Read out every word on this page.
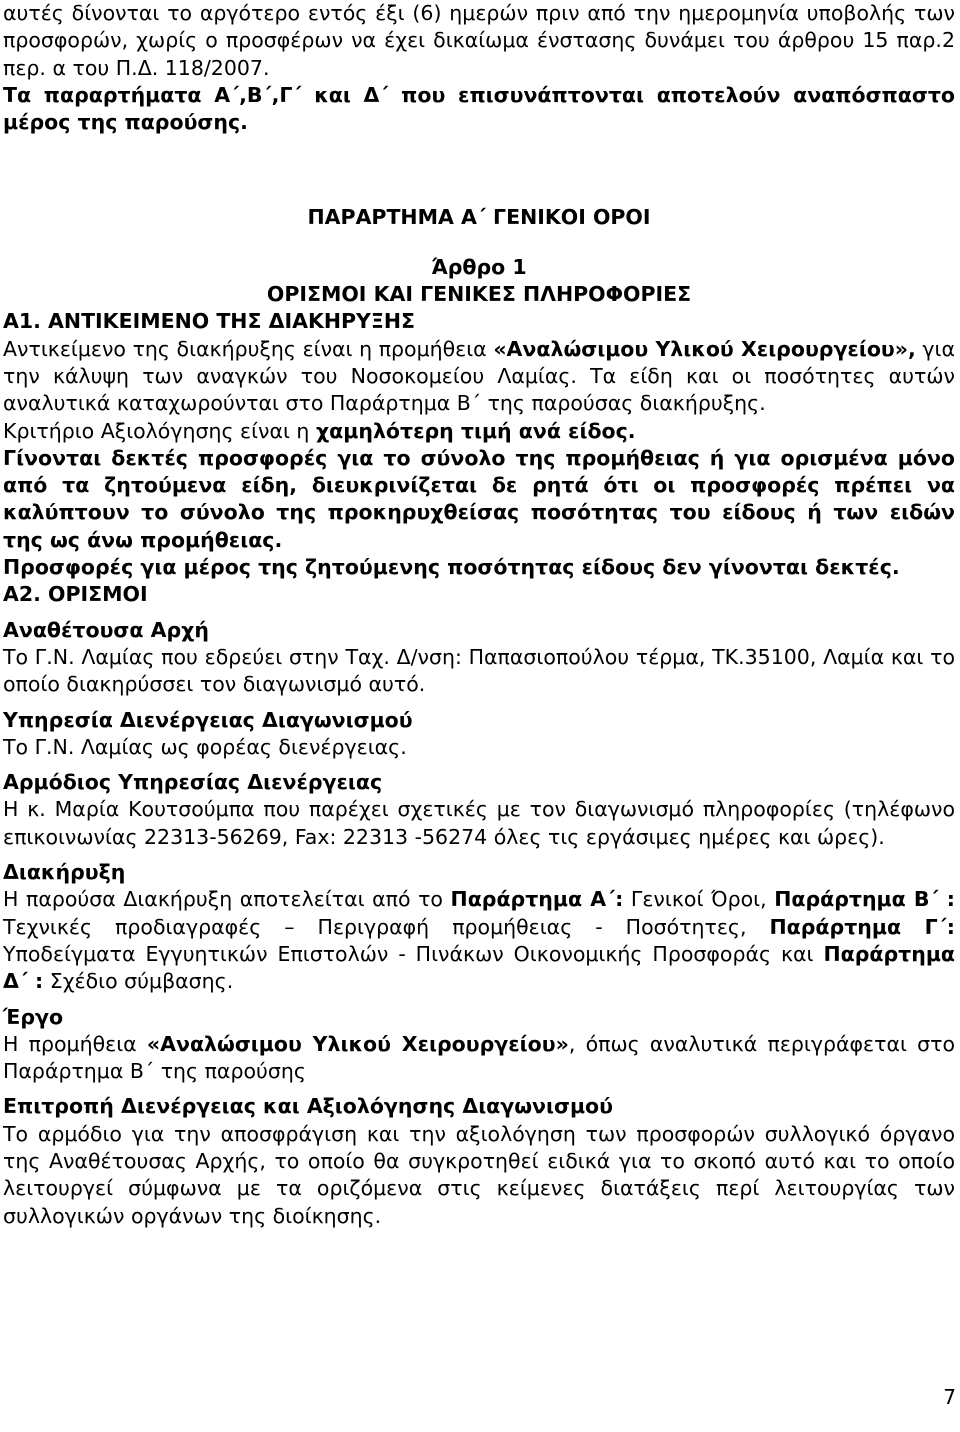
αυτές δίνονται το αργότερο εντός έξι (6) ημερών πριν από την ημερομηνία υποβολής των προσφορών, χωρίς ο προσφέρων να έχει δικαίωμα ένστασης δυνάμει του άρθρου 15 παρ.2 περ. α του Π.Δ. 118/2007.

Τα παραρτήματα Α΄,Β΄,Γ΄ και Δ΄ που επισυνάπτονται αποτελούν αναπόσπαστο μέρος της παρούσης.

ΠΑΡΑΡΤΗΜΑ Α΄ ΓΕΝΙΚΟΙ ΟΡΟΙ

Άρθρο 1

ΟΡΙΣΜΟΙ ΚΑΙ ΓΕΝΙΚΕΣ ΠΛΗΡΟΦΟΡΙΕΣ

Α1. ΑΝΤΙΚΕΙΜΕΝΟ ΤΗΣ ΔΙΑΚΗΡΥΞΗΣ

Αντικείμενο της διακήρυξης είναι η προμήθεια «Αναλώσιμου Υλικού Χειρουργείου», για την κάλυψη των αναγκών του Νοσοκομείου Λαμίας. Τα είδη και οι ποσότητες αυτών αναλυτικά καταχωρούνται στο Παράρτημα Β΄ της παρούσας διακήρυξης.

Κριτήριο Αξιολόγησης είναι η χαμηλότερη τιμή ανά είδος.

Γίνονται δεκτές προσφορές για το σύνολο της προμήθειας ή για ορισμένα μόνο από τα ζητούμενα είδη, διευκρινίζεται δε ρητά ότι οι προσφορές πρέπει να καλύπτουν το σύνολο της προκηρυχθείσας ποσότητας του είδους ή των ειδών της ως άνω προμήθειας.

Προσφορές για μέρος της ζητούμενης ποσότητας είδους δεν γίνονται δεκτές.

Α2. ΟΡΙΣΜΟΙ

Αναθέτουσα Αρχή

Το Γ.Ν. Λαμίας που εδρεύει στην Ταχ. Δ/νση: Παπασιοπούλου τέρμα, ΤΚ.35100, Λαμία και το οποίο διακηρύσσει τον διαγωνισμό αυτό.

Υπηρεσία Διενέργειας Διαγωνισμού

Το Γ.Ν. Λαμίας ως φορέας διενέργειας.

Αρμόδιος Υπηρεσίας Διενέργειας

Η κ. Μαρία Κουτσούμπα που παρέχει σχετικές με τον διαγωνισμό πληροφορίες (τηλέφωνο επικοινωνίας 22313-56269, Fax: 22313 -56274 όλες τις εργάσιμες ημέρες και ώρες).

Διακήρυξη

Η παρούσα Διακήρυξη αποτελείται από το Παράρτημα Α΄: Γενικοί Όροι, Παράρτημα Β΄ : Τεχνικές προδιαγραφές – Περιγραφή προμήθειας - Ποσότητες, Παράρτημα Γ΄: Υποδείγματα Εγγυητικών Επιστολών - Πινάκων Οικονομικής Προσφοράς και Παράρτημα Δ΄ : Σχέδιο σύμβασης.

Έργο

Η προμήθεια «Αναλώσιμου Υλικού Χειρουργείου», όπως αναλυτικά περιγράφεται στο Παράρτημα Β΄ της παρούσης

Επιτροπή Διενέργειας και Αξιολόγησης Διαγωνισμού

Το αρμόδιο για την αποσφράγιση και την αξιολόγηση των προσφορών συλλογικό όργανο της Αναθέτουσας Αρχής, το οποίο θα συγκροτηθεί ειδικά για το σκοπό αυτό και το οποίο λειτουργεί σύμφωνα με τα οριζόμενα στις κείμενες διατάξεις περί λειτουργίας των συλλογικών οργάνων της διοίκησης.

7
